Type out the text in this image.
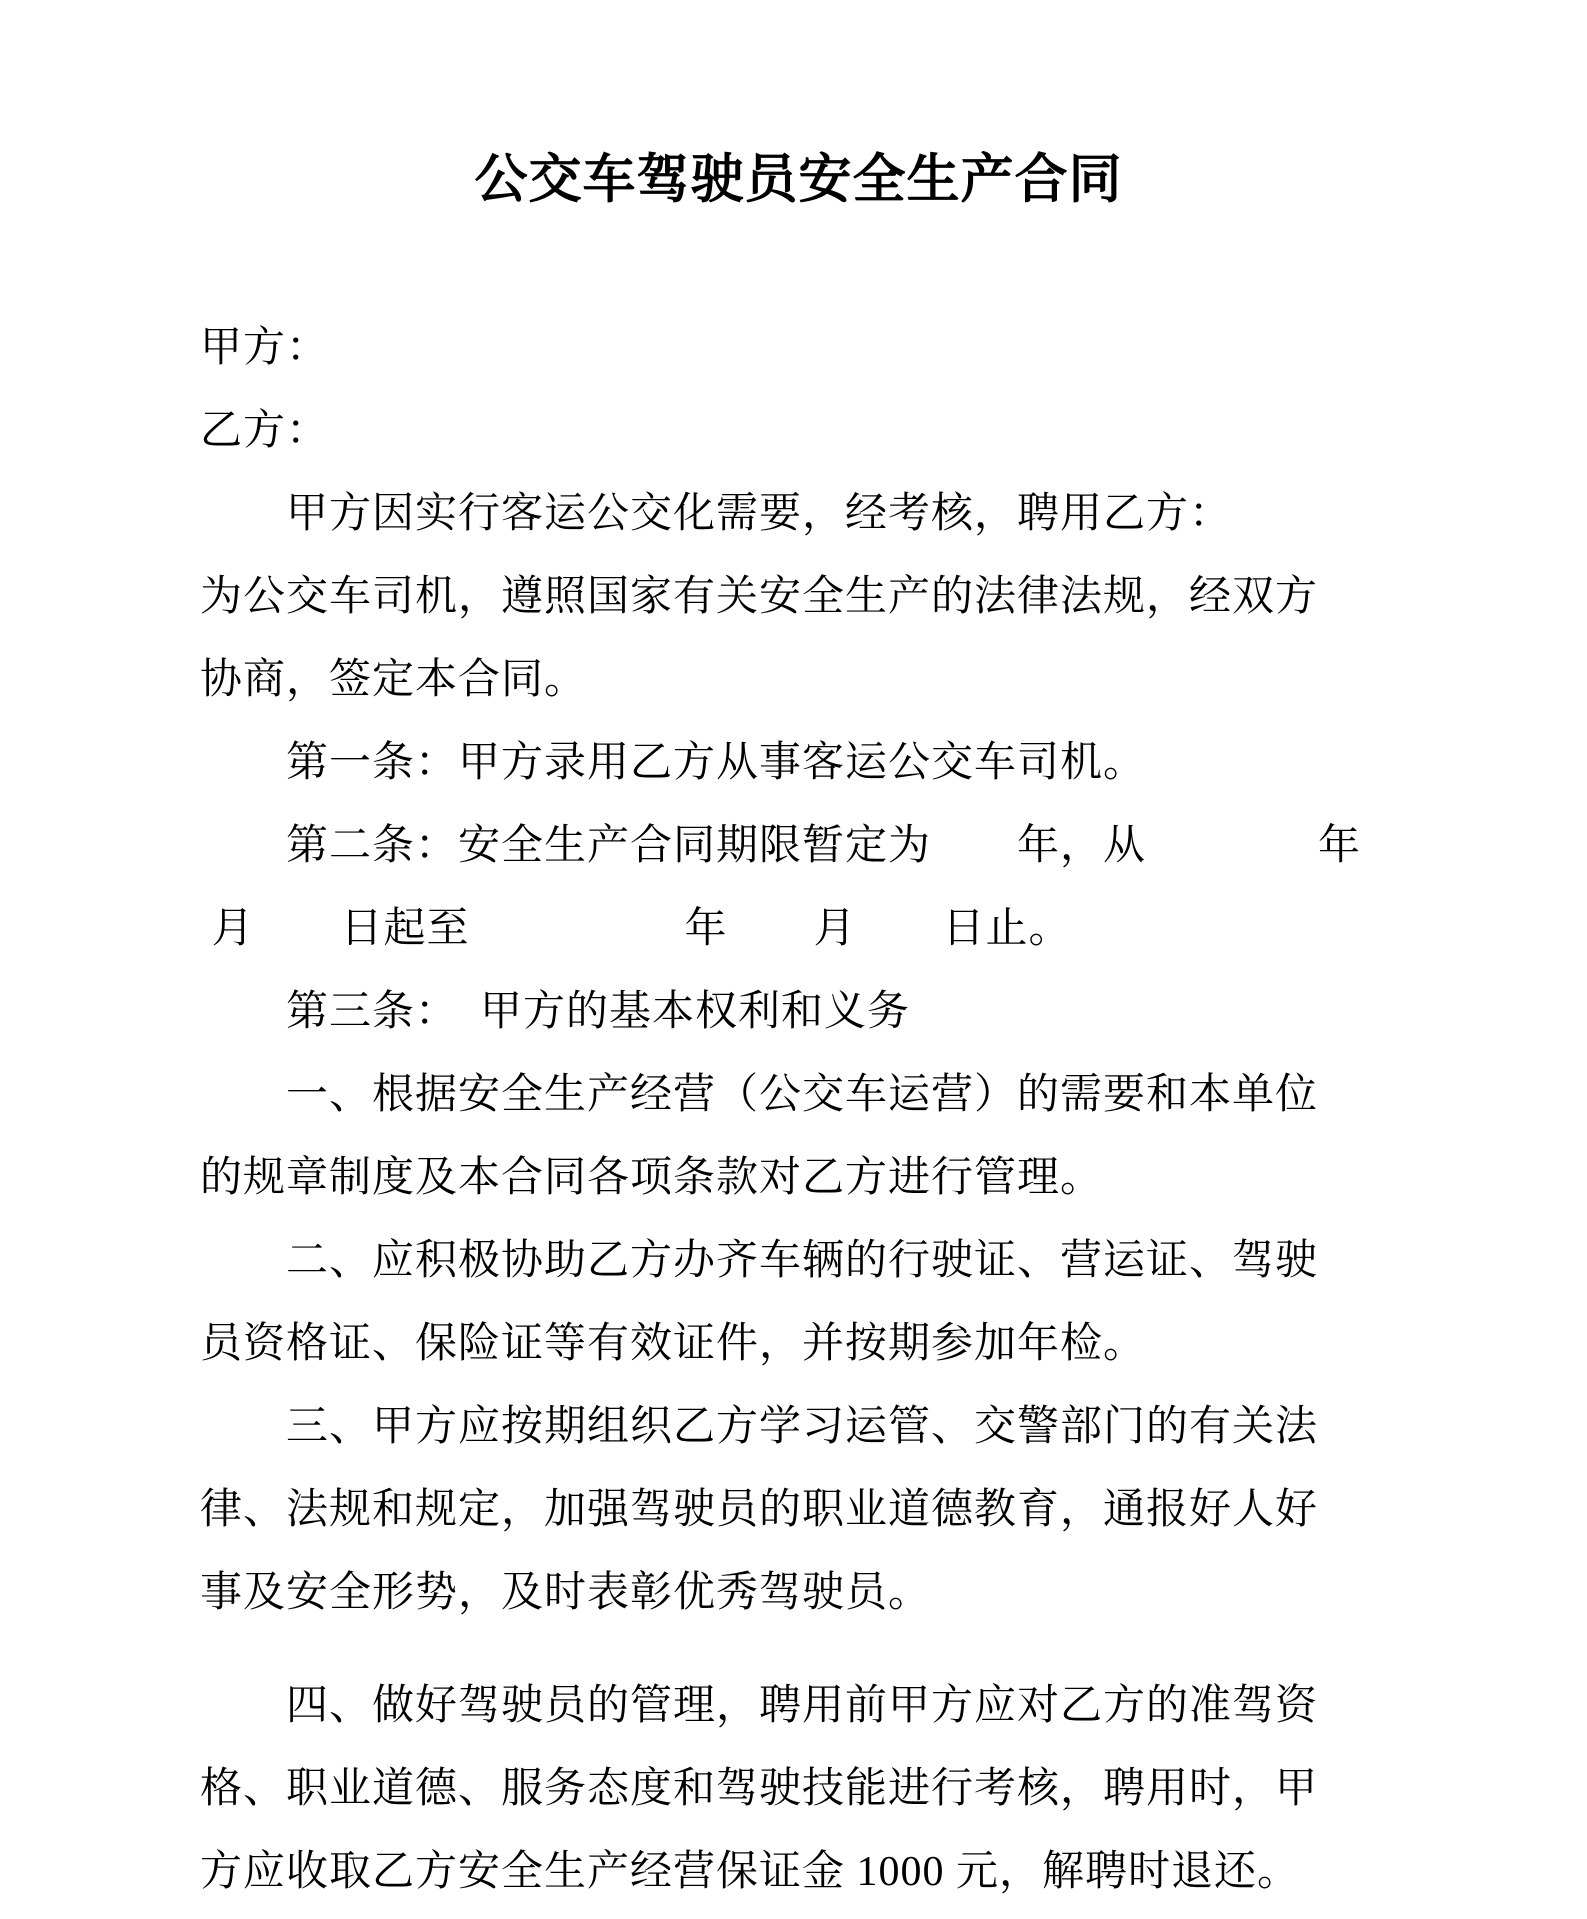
公交车驾驶员安全生产合同

甲方：

乙方：

　　甲方因实行客运公交化需要，经考核，聘用乙方：

为公交车司机，遵照国家有关安全生产的法律法规，经双方

协商，签定本合同。

　　第一条：甲方录用乙方从事客运公交车司机。

　　第二条：安全生产合同期限暂定为　　年，从　　　　年

月　　日起至　　　　　年　　月　　日止。

　　第三条：　甲方的基本权利和义务

　　一、根据安全生产经营（公交车运营）的需要和本单位

的规章制度及本合同各项条款对乙方进行管理。

　　二、应积极协助乙方办齐车辆的行驶证、营运证、驾驶

员资格证、保险证等有效证件，并按期参加年检。

　　三、甲方应按期组织乙方学习运管、交警部门的有关法

律、法规和规定，加强驾驶员的职业道德教育，通报好人好

事及安全形势，及时表彰优秀驾驶员。

　　四、做好驾驶员的管理，聘用前甲方应对乙方的准驾资

格、职业道德、服务态度和驾驶技能进行考核，聘用时，甲

方应收取乙方安全生产经营保证金 1000 元，解聘时退还。
